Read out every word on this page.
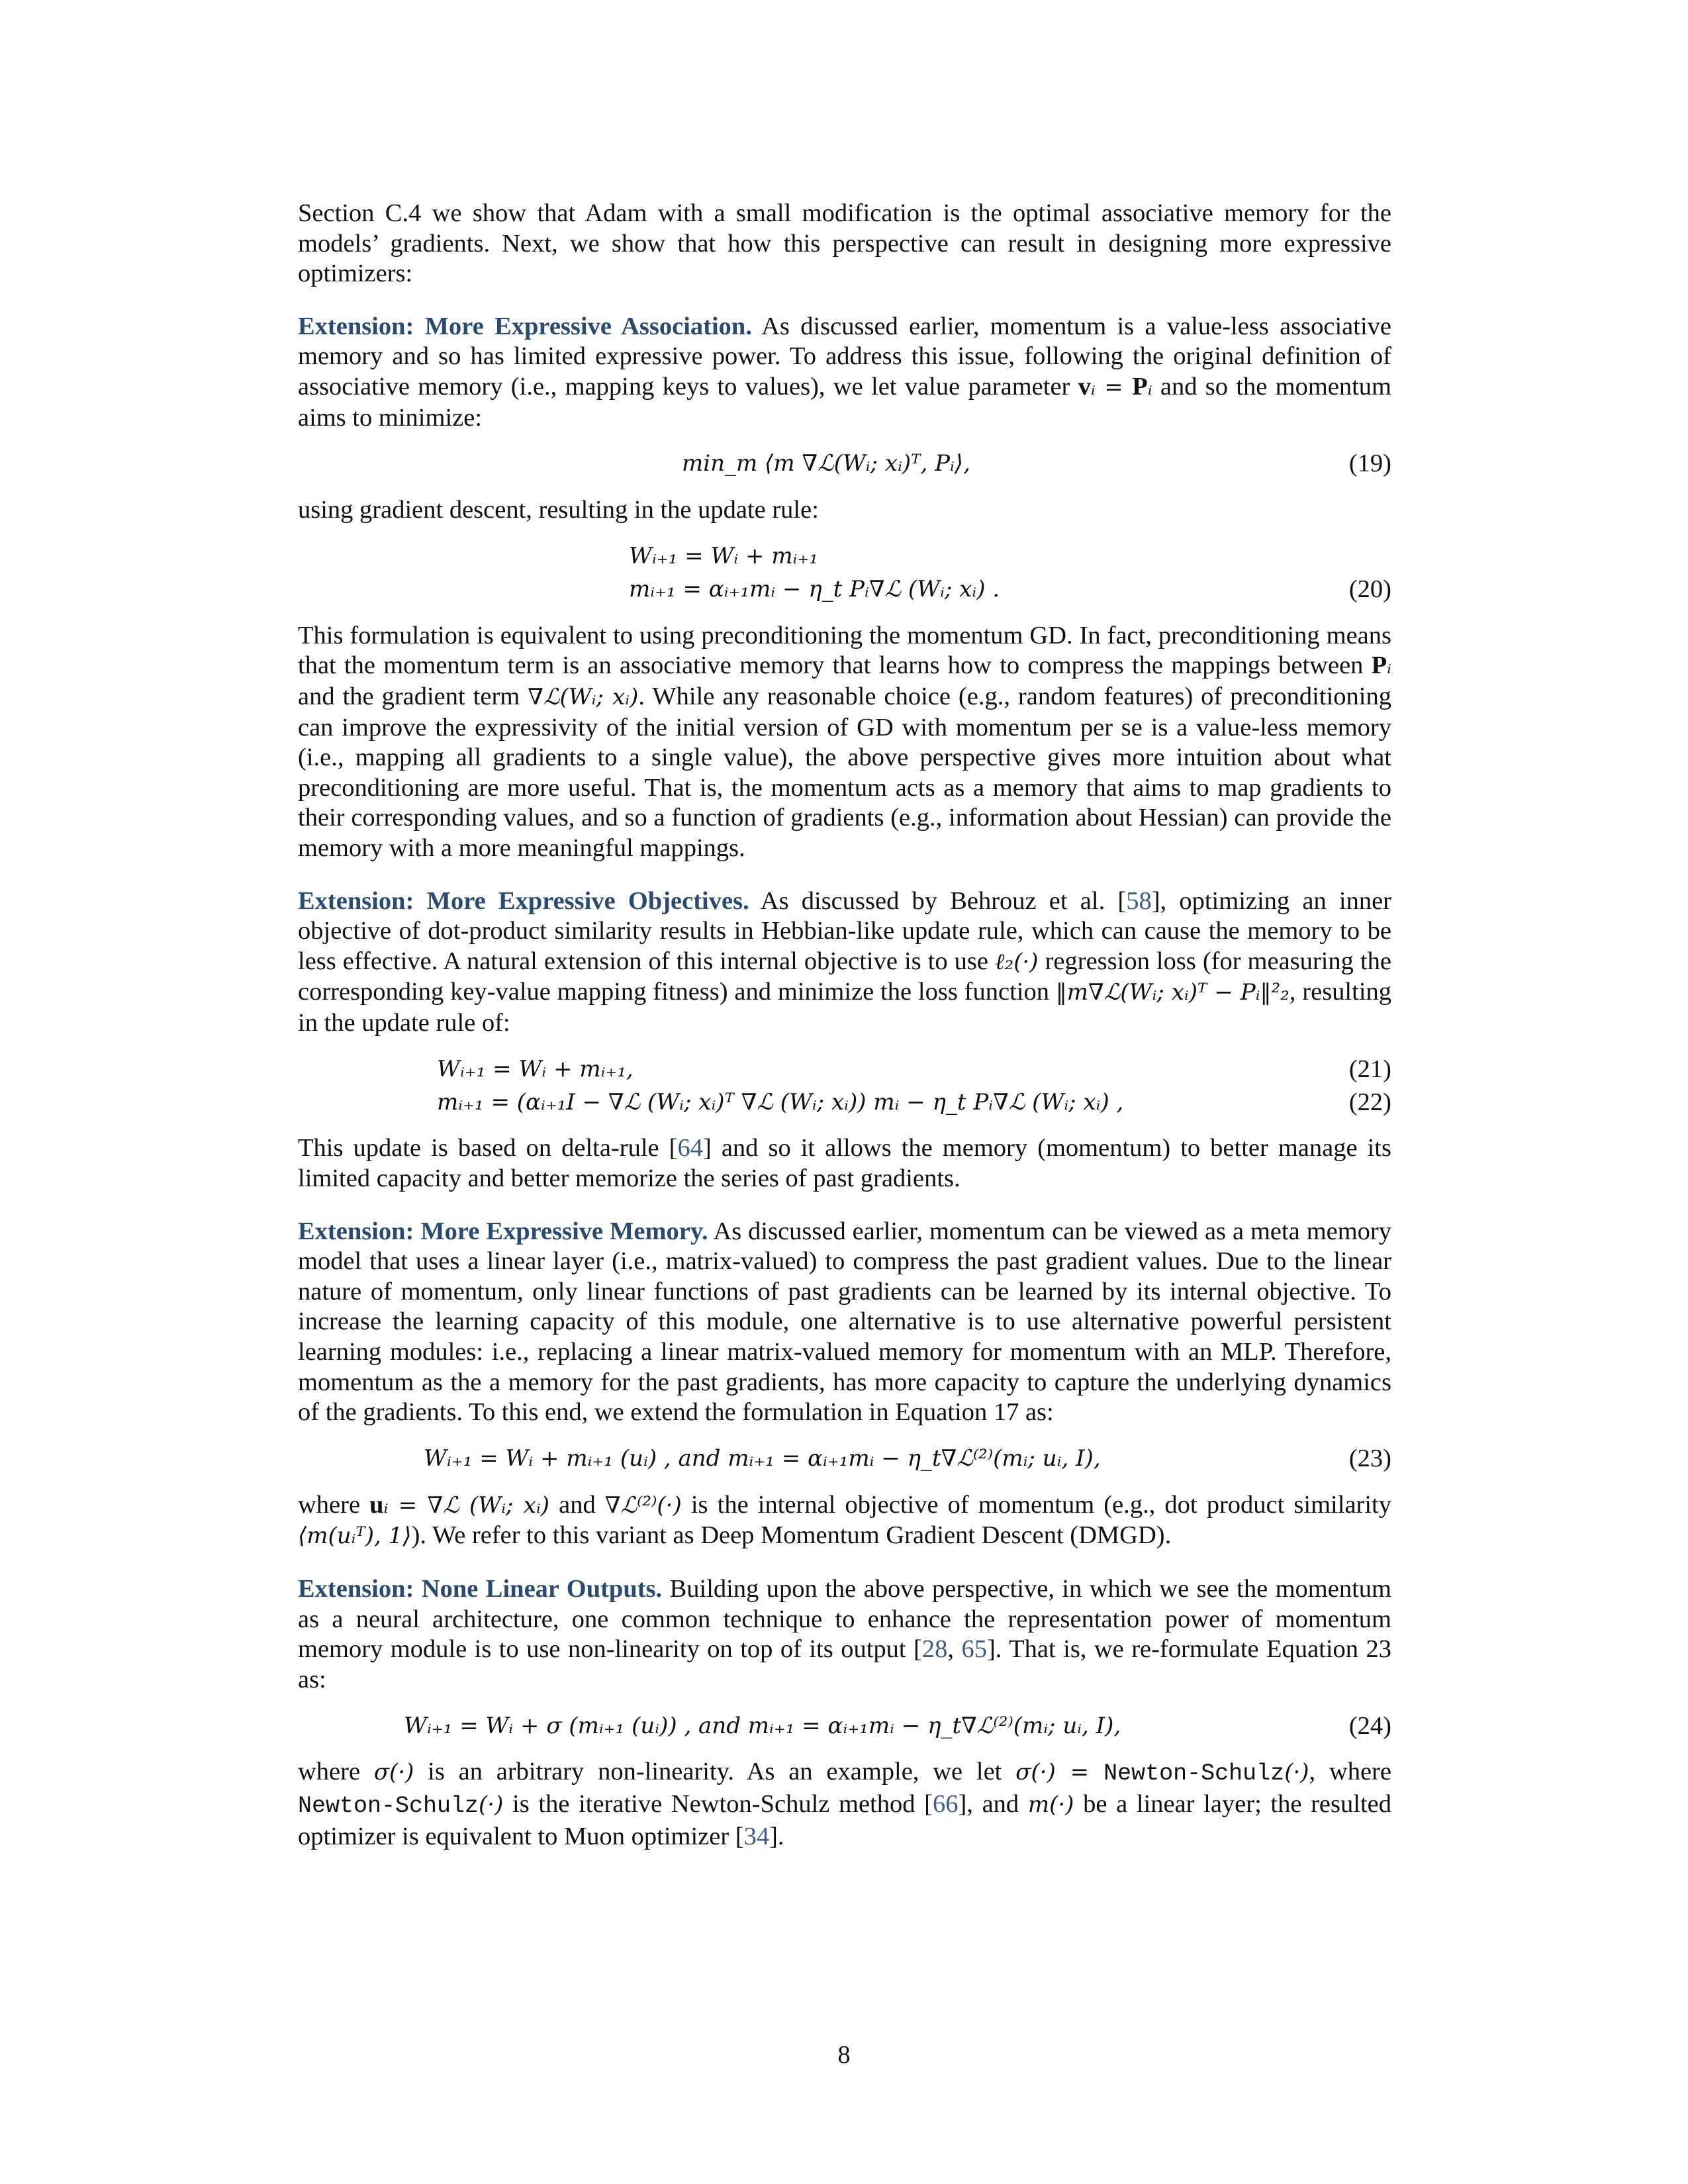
Section C.4 we show that Adam with a small modification is the optimal associative memory for the models’ gradients. Next, we show that how this perspective can result in designing more expressive optimizers:

Extension: More Expressive Association. As discussed earlier, momentum is a value-less associative memory and so has limited expressive power. To address this issue, following the original definition of associative memory (i.e., mapping keys to values), we let value parameter vᵢ = Pᵢ and so the momentum aims to minimize:

min_m ⟨m ∇ℒ(Wᵢ; xᵢ)ᵀ, Pᵢ⟩,	(19)

using gradient descent, resulting in the update rule:

Wᵢ₊₁ = Wᵢ + mᵢ₊₁
mᵢ₊₁ = αᵢ₊₁mᵢ − η_t Pᵢ∇ℒ (Wᵢ; xᵢ) .	(20)

This formulation is equivalent to using preconditioning the momentum GD. In fact, preconditioning means that the momentum term is an associative memory that learns how to compress the mappings between Pᵢ and the gradient term ∇ℒ(Wᵢ; xᵢ). While any reasonable choice (e.g., random features) of preconditioning can improve the expressivity of the initial version of GD with momentum per se is a value-less memory (i.e., mapping all gradients to a single value), the above perspective gives more intuition about what preconditioning are more useful. That is, the momentum acts as a memory that aims to map gradients to their corresponding values, and so a function of gradients (e.g., information about Hessian) can provide the memory with a more meaningful mappings.

Extension: More Expressive Objectives. As discussed by Behrouz et al. [58], optimizing an inner objective of dot-product similarity results in Hebbian-like update rule, which can cause the memory to be less effective. A natural extension of this internal objective is to use ℓ₂(·) regression loss (for measuring the corresponding key-value mapping fitness) and minimize the loss function ‖m∇ℒ(Wᵢ; xᵢ)ᵀ − Pᵢ‖²₂, resulting in the update rule of:

Wᵢ₊₁ = Wᵢ + mᵢ₊₁,	(21)
mᵢ₊₁ = (αᵢ₊₁I − ∇ℒ (Wᵢ; xᵢ)ᵀ ∇ℒ (Wᵢ; xᵢ)) mᵢ − η_t Pᵢ∇ℒ (Wᵢ; xᵢ) ,	(22)

This update is based on delta-rule [64] and so it allows the memory (momentum) to better manage its limited capacity and better memorize the series of past gradients.

Extension: More Expressive Memory. As discussed earlier, momentum can be viewed as a meta memory model that uses a linear layer (i.e., matrix-valued) to compress the past gradient values. Due to the linear nature of momentum, only linear functions of past gradients can be learned by its internal objective. To increase the learning capacity of this module, one alternative is to use alternative powerful persistent learning modules: i.e., replacing a linear matrix-valued memory for momentum with an MLP. Therefore, momentum as the a memory for the past gradients, has more capacity to capture the underlying dynamics of the gradients. To this end, we extend the formulation in Equation 17 as:

Wᵢ₊₁ = Wᵢ + mᵢ₊₁ (uᵢ) , and mᵢ₊₁ = αᵢ₊₁mᵢ − η_t∇ℒ⁽²⁾(mᵢ; uᵢ, I),	(23)

where uᵢ = ∇ℒ (Wᵢ; xᵢ) and ∇ℒ⁽²⁾(·) is the internal objective of momentum (e.g., dot product similarity ⟨m(uᵢᵀ), 1⟩). We refer to this variant as Deep Momentum Gradient Descent (DMGD).

Extension: None Linear Outputs. Building upon the above perspective, in which we see the momentum as a neural architecture, one common technique to enhance the representation power of momentum memory module is to use non-linearity on top of its output [28, 65]. That is, we re-formulate Equation 23 as:

Wᵢ₊₁ = Wᵢ + σ (mᵢ₊₁ (uᵢ)) , and mᵢ₊₁ = αᵢ₊₁mᵢ − η_t∇ℒ⁽²⁾(mᵢ; uᵢ, I),	(24)

where σ(·) is an arbitrary non-linearity. As an example, we let σ(·) = Newton-Schulz(·), where Newton-Schulz(·) is the iterative Newton-Schulz method [66], and m(·) be a linear layer; the resulted optimizer is equivalent to Muon optimizer [34].

8
